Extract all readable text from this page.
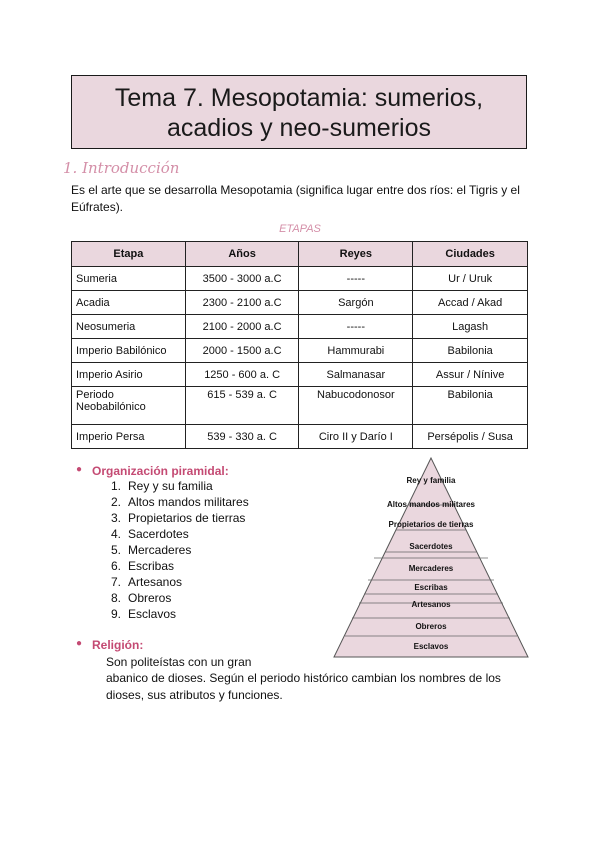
Tema 7. Mesopotamia: sumerios,
acadios y neo-sumerios
1. Introducción
Es el arte que se desarrolla Mesopotamia (significa lugar entre dos ríos: el Tigris y el Eúfrates).
ETAPAS
Etapa	Años	Reyes	Ciudades
Sumeria	3500 - 3000 a.C	-----	Ur / Uruk
Acadia	2300 - 2100 a.C	Sargón	Accad / Akad
Neosumeria	2100 - 2000 a.C	-----	Lagash
Imperio Babilónico	2000 - 1500 a.C	Hammurabi	Babilonia
Imperio Asirio	1250 - 600 a. C	Salmanasar	Assur / Nínive
Periodo Neobabilónico	615 - 539 a. C	Nabucodonosor	Babilonia
Imperio Persa	539 - 330 a. C	Ciro II y Darío I	Persépolis / Susa
● Organización piramidal:
1. Rey y su familia
2. Altos mandos militares
3. Propietarios de tierras
4. Sacerdotes
5. Mercaderes
6. Escribas
7. Artesanos
8. Obreros
9. Esclavos
Rey y familia
Altos mandos militares
Propietarios de tierras
Sacerdotes
Mercaderes
Escribas
Artesanos
Obreros
Esclavos
● Religión:
Son politeístas con un gran
abanico de dioses. Según el periodo histórico cambian los nombres de los
dioses, sus atributos y funciones.
